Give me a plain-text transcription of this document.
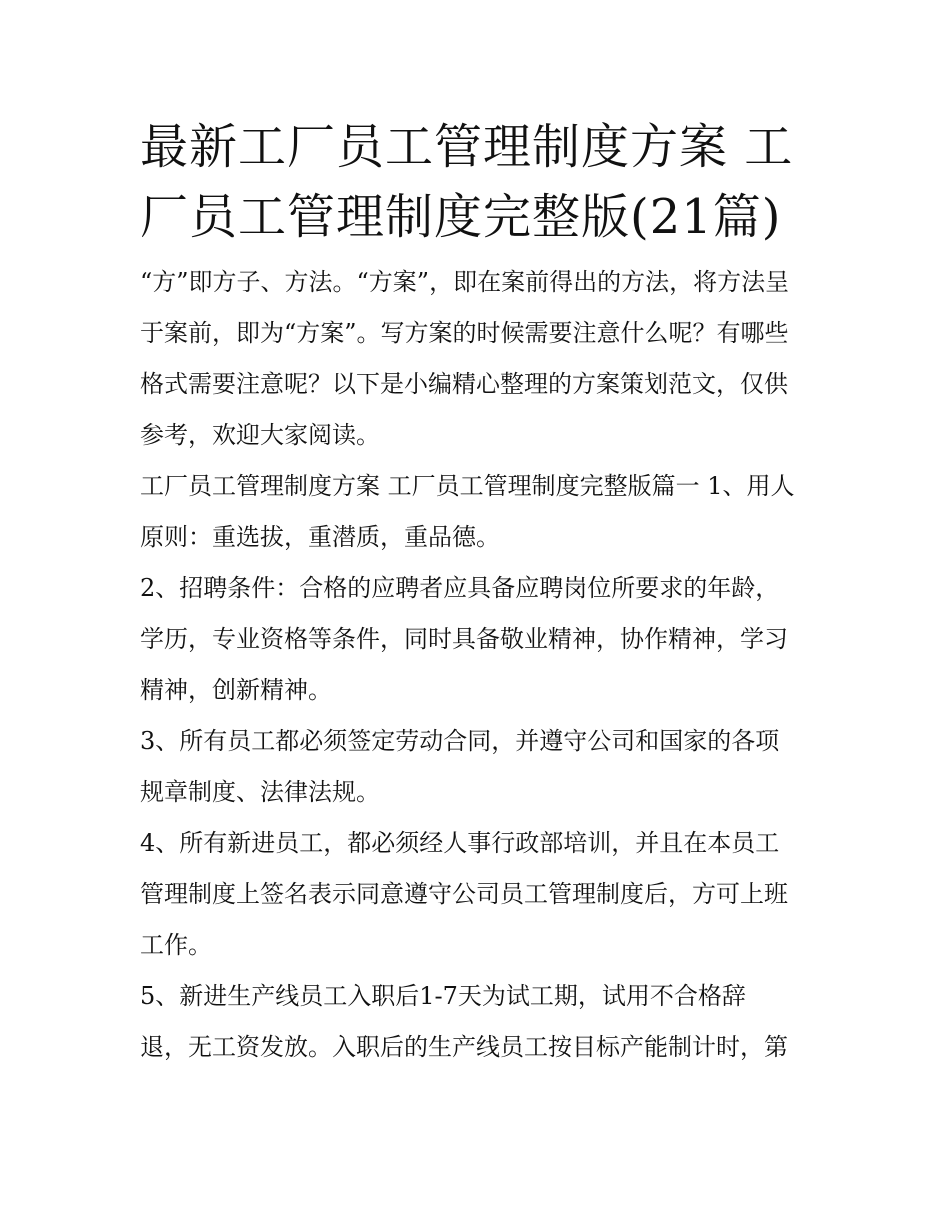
最新工厂员工管理制度方案 工
厂员工管理制度完整版(21篇)

“方”即方子、方法。“方案”，即在案前得出的方法，将方法呈
于案前，即为“方案”。写方案的时候需要注意什么呢？有哪些
格式需要注意呢？以下是小编精心整理的方案策划范文，仅供
参考，欢迎大家阅读。

工厂员工管理制度方案 工厂员工管理制度完整版篇一 1、用人
原则：重选拔，重潜质，重品德。

2、招聘条件：合格的应聘者应具备应聘岗位所要求的年龄，
学历，专业资格等条件，同时具备敬业精神，协作精神，学习
精神，创新精神。

3、所有员工都必须签定劳动合同，并遵守公司和国家的各项
规章制度、法律法规。

4、所有新进员工，都必须经人事行政部培训，并且在本员工
管理制度上签名表示同意遵守公司员工管理制度后，方可上班
工作。

5、新进生产线员工入职后1-7天为试工期，试用不合格辞
退，无工资发放。入职后的生产线员工按目标产能制计时，第
